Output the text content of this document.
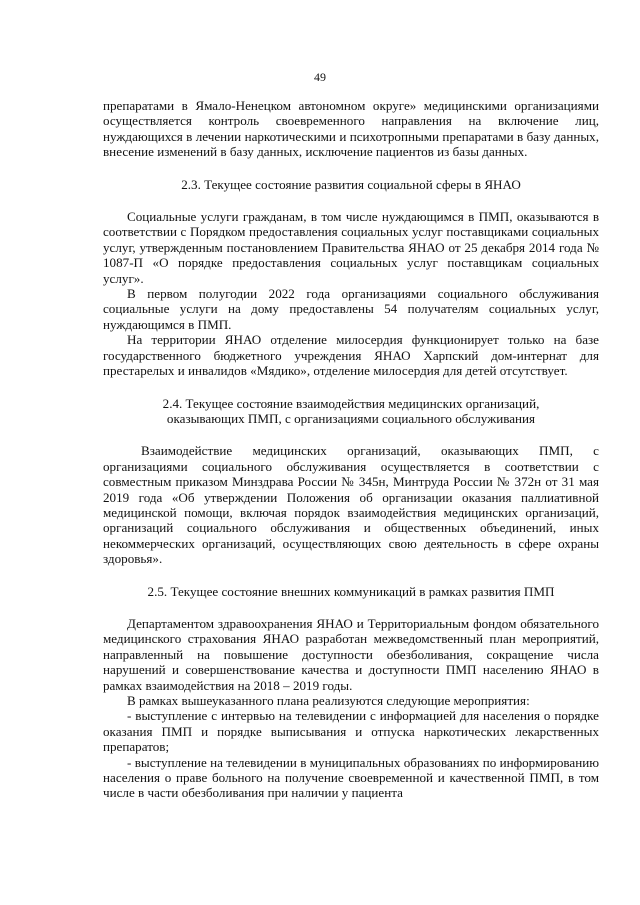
49

препаратами в Ямало-Ненецком автономном округе» медицинскими организациями осуществляется контроль своевременного направления на включение лиц, нуждающихся в лечении наркотическими и психотропными препаратами в базу данных, внесение изменений в базу данных, исключение пациентов из базы данных.

2.3. Текущее состояние развития социальной сферы в ЯНАО

Социальные услуги гражданам, в том числе нуждающимся в ПМП, оказываются в соответствии с Порядком предоставления социальных услуг поставщиками социальных услуг, утвержденным постановлением Правительства ЯНАО от 25 декабря 2014 года № 1087-П «О порядке предоставления социальных услуг поставщикам социальных услуг».

В первом полугодии 2022 года организациями социального обслуживания социальные услуги на дому предоставлены 54 получателям социальных услуг, нуждающимся в ПМП.

На территории ЯНАО отделение милосердия функционирует только на базе государственного бюджетного учреждения ЯНАО Харпский дом-интернат для престарелых и инвалидов «Мядико», отделение милосердия для детей отсутствует.

2.4. Текущее состояние взаимодействия медицинских организаций,

оказывающих ПМП, с организациями социального обслуживания

Взаимодействие медицинских организаций, оказывающих ПМП, с организациями социального обслуживания осуществляется в соответствии с совместным приказом Минздрава России № 345н, Минтруда России № 372н от 31 мая 2019 года «Об утверждении Положения об организации оказания паллиативной медицинской помощи, включая порядок взаимодействия медицинских организаций, организаций социального обслуживания и общественных объединений, иных некоммерческих организаций, осуществляющих свою деятельность в сфере охраны здоровья».

2.5. Текущее состояние внешних коммуникаций в рамках развития ПМП

Департаментом здравоохранения ЯНАО и Территориальным фондом обязательного медицинского страхования ЯНАО разработан межведомственный план мероприятий, направленный на повышение доступности обезболивания, сокращение числа нарушений и совершенствование качества и доступности ПМП населению ЯНАО в рамках взаимодействия на 2018 – 2019 годы.

В рамках вышеуказанного плана реализуются следующие мероприятия:

- выступление с интервью на телевидении с информацией для населения о порядке оказания ПМП и порядке выписывания и отпуска наркотических лекарственных препаратов;

- выступление на телевидении в муниципальных образованиях по информированию населения о праве больного на получение своевременной и качественной ПМП, в том числе в части обезболивания при наличии у пациента
